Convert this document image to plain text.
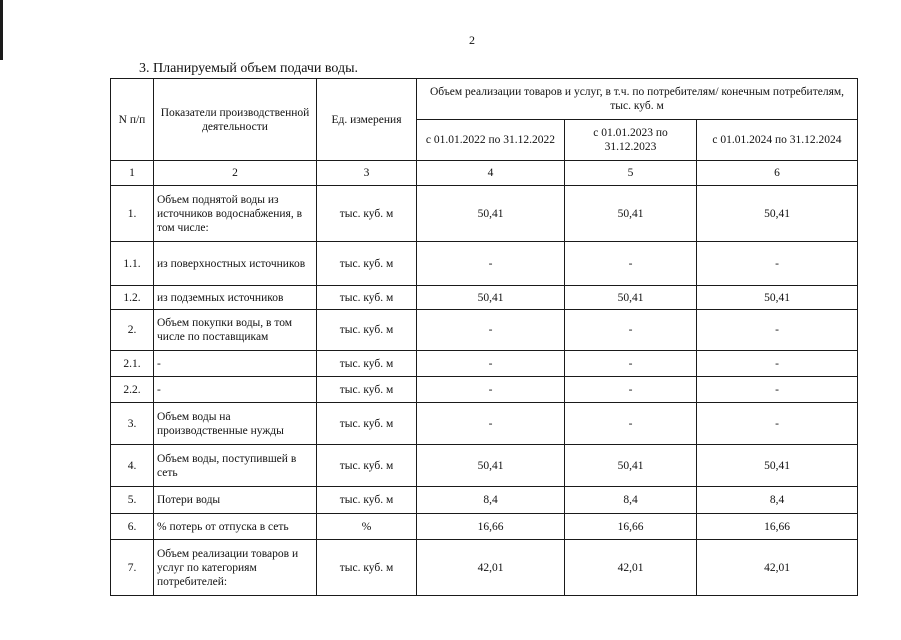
2
3. Планируемый объем подачи воды.
N п/п	Показатели производственной деятельности	Ед. измерения	Объем реализации товаров и услуг, в т.ч. по потребителям/ конечным потребителям, тыс. куб. м		
			с 01.01.2022 по 31.12.2022	с 01.01.2023 по 31.12.2023	с 01.01.2024 по 31.12.2024
1	2	3	4	5	6
1.	Объем поднятой воды из источников водоснабжения, в том числе:	тыс. куб. м	50,41	50,41	50,41
1.1.	из поверхностных источников	тыс. куб. м	-	-	-
1.2.	из подземных источников	тыс. куб. м	50,41	50,41	50,41
2.	Объем покупки воды, в том числе по поставщикам	тыс. куб. м	-	-	-
2.1.	-	тыс. куб. м	-	-	-
2.2.	-	тыс. куб. м	-	-	-
3.	Объем воды на производственные нужды	тыс. куб. м	-	-	-
4.	Объем воды, поступившей в сеть	тыс. куб. м	50,41	50,41	50,41
5.	Потери воды	тыс. куб. м	8,4	8,4	8,4
6.	% потерь от отпуска в сеть	%	16,66	16,66	16,66
7.	Объем реализации товаров и услуг по категориям потребителей:	тыс. куб. м	42,01	42,01	42,01
